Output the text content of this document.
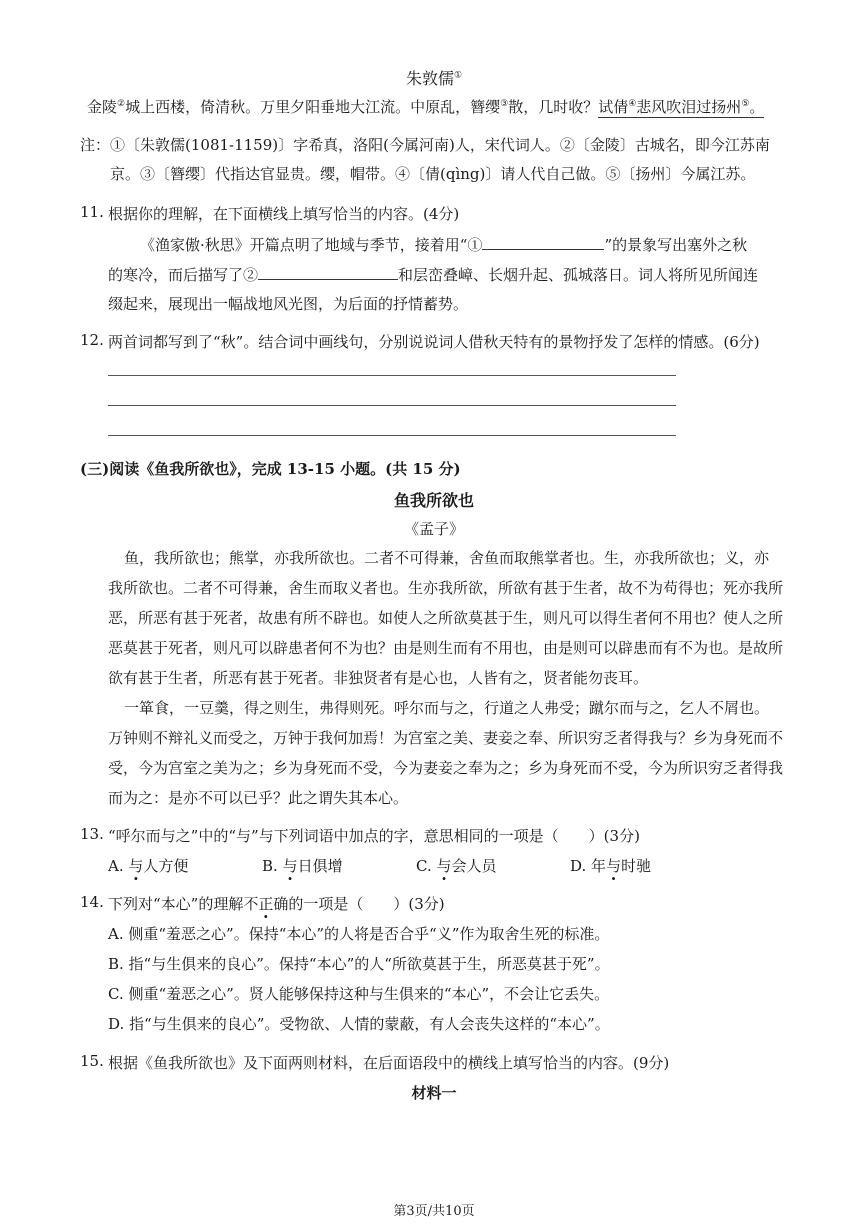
朱敦儒①
金陵②城上西楼，倚清秋。万里夕阳垂地大江流。中原乱，簪缨③散，几时收？试倩④悲风吹泪过扬州⑤。
注： ①〔朱敦儒(1081-1159)〕字希真，洛阳(今属河南)人，宋代词人。②〔金陵〕古城名，即今江苏南
京。③〔簪缨〕代指达官显贵。缨，帽带。④〔倩(qìng)〕请人代自己做。⑤〔扬州〕今属江苏。
11. 根据你的理解，在下面横线上填写恰当的内容。(4分)
《渔家傲·秋思》开篇点明了地域与季节，接着用“①	”的景象写出塞外之秋
的寒冷，而后描写了②	和层峦叠嶂、长烟升起、孤城落日。词人将所见所闻连
缀起来，展现出一幅战地风光图，为后面的抒情蓄势。
12. 两首词都写到了“秋”。结合词中画线句，分别说说词人借秋天特有的景物抒发了怎样的情感。(6分)
(三)阅读《鱼我所欲也》，完成 13-15 小题。(共 15 分)
鱼我所欲也
《孟子》
鱼，我所欲也；熊掌，亦我所欲也。二者不可得兼，舍鱼而取熊掌者也。生，亦我所欲也；义，亦
我所欲也。二者不可得兼，舍生而取义者也。生亦我所欲，所欲有甚于生者，故不为苟得也；死亦我所
恶，所恶有甚于死者，故患有所不辟也。如使人之所欲莫甚于生，则凡可以得生者何不用也？使人之所
恶莫甚于死者，则凡可以辟患者何不为也？由是则生而有不用也，由是则可以辟患而有不为也。是故所
欲有甚于生者，所恶有甚于死者。非独贤者有是心也，人皆有之，贤者能勿丧耳。
一箪食，一豆羹，得之则生，弗得则死。呼尔而与之，行道之人弗受；蹴尔而与之，乞人不屑也。
万钟则不辩礼义而受之，万钟于我何加焉！为宫室之美、妻妾之奉、所识穷乏者得我与？乡为身死而不
受，今为宫室之美为之；乡为身死而不受，今为妻妾之奉为之；乡为身死而不受，今为所识穷乏者得我
而为之：是亦不可以已乎？此之谓失其本心。
13. “呼尔而与之”中的“与”与下列词语中加点的字，意思相同的一项是（　　）(3分)
A. 与人方便	B. 与日俱增	C. 与会人员	D. 年与时驰
14. 下列对“本心”的理解不正确的一项是（　　）(3分)
A. 侧重“羞恶之心”。保持“本心”的人将是否合乎“义”作为取舍生死的标准。
B. 指“与生俱来的良心”。保持“本心”的人“所欲莫甚于生，所恶莫甚于死”。
C. 侧重“羞恶之心”。贤人能够保持这种与生俱来的“本心”，不会让它丢失。
D. 指“与生俱来的良心”。受物欲、人情的蒙蔽，有人会丧失这样的“本心”。
15. 根据《鱼我所欲也》及下面两则材料，在后面语段中的横线上填写恰当的内容。(9分)
材料一
第3页/共10页
